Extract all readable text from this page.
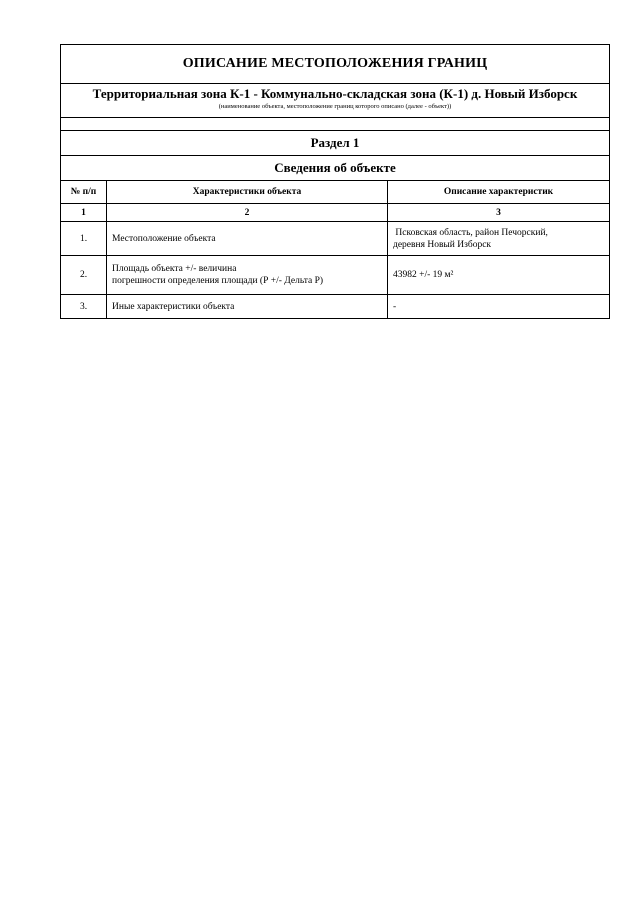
ОПИСАНИЕ МЕСТОПОЛОЖЕНИЯ ГРАНИЦ		
Территориальная зона К-1 - Коммунально-складская зона (К-1) д. Новый Изборск		
(наименование объекта, местоположение границ которого описано (далее - объект))		

Раздел 1		
Сведения об объекте		
№ п/п	Характеристики объекта	Описание характеристик
1	2	3
1.	Местоположение объекта	Псковская область, район Печорский,
деревня Новый Изборск
2.	Площадь объекта +/- величина
погрешности определения площади (Р +/- Дельта Р)	43982 +/- 19 м²
3.	Иные характеристики объекта	-
